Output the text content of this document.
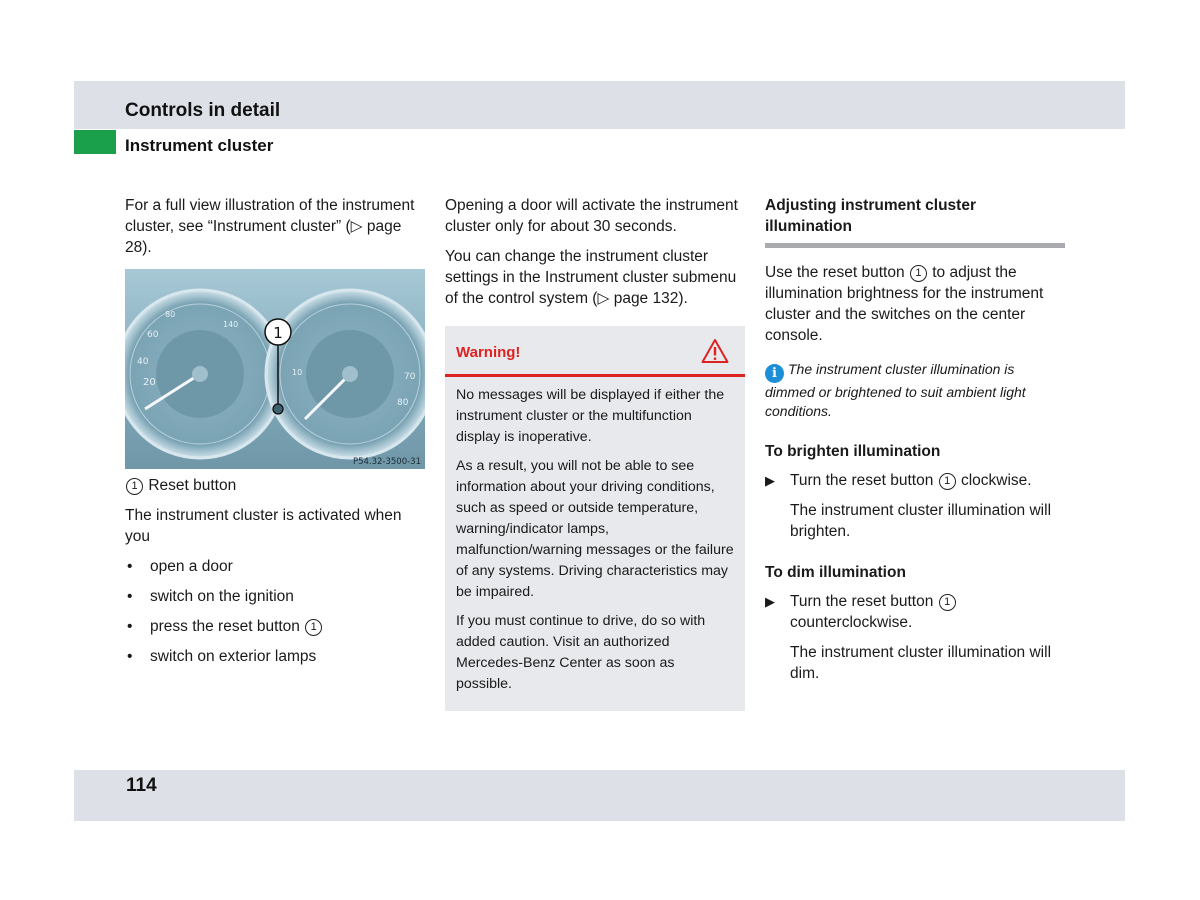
Controls in detail
Instrument cluster

For a full view illustration of the instrument cluster, see “Instrument cluster” (▷ page 28).

20
40
60
80
140
10	70
80
1
P54.32-3500-31

1 Reset button

The instrument cluster is activated when you

• open a door
• switch on the ignition
• press the reset button 1
• switch on exterior lamps

Opening a door will activate the instrument cluster only for about 30 seconds.

You can change the instrument cluster settings in the Instrument cluster submenu of the control system (▷ page 132).

Warning!

No messages will be displayed if either the instrument cluster or the multifunction display is inoperative.

As a result, you will not be able to see information about your driving conditions, such as speed or outside temperature, warning/indicator lamps, malfunction/warning messages or the failure of any systems. Driving characteristics may be impaired.

If you must continue to drive, do so with added caution. Visit an authorized Mercedes-Benz Center as soon as possible.

Adjusting instrument cluster illumination

Use the reset button 1 to adjust the illumination brightness for the instrument cluster and the switches on the center console.

i The instrument cluster illumination is dimmed or brightened to suit ambient light conditions.
To brighten illumination
▶ Turn the reset button 1 clockwise.
The instrument cluster illumination will brighten.
To dim illumination
▶ Turn the reset button 1 counterclockwise.
The instrument cluster illumination will dim.
114
